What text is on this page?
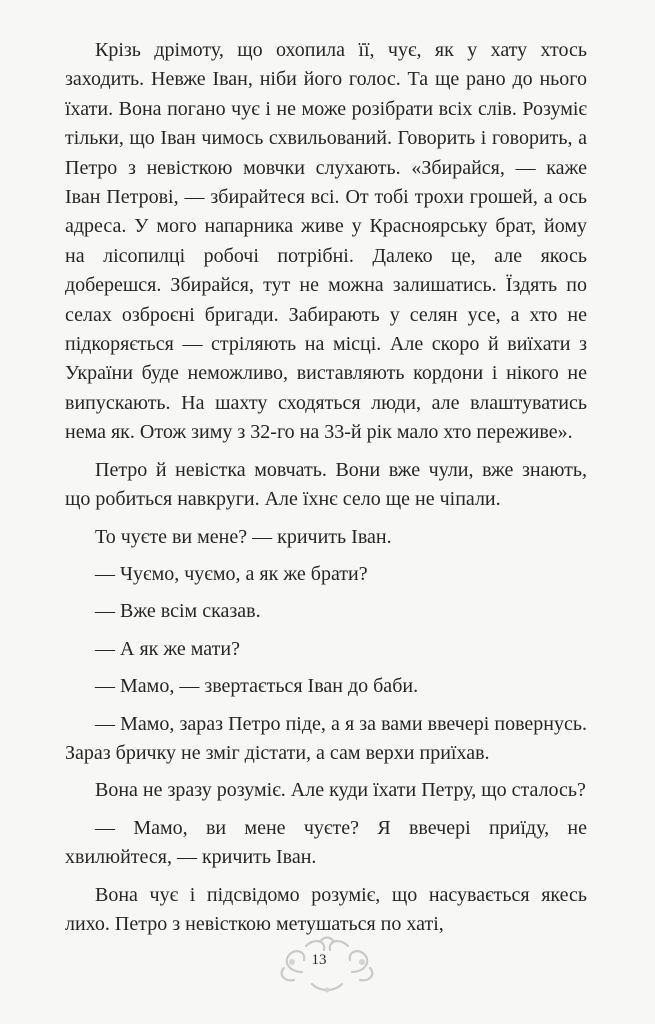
Крізь дрімоту, що охопила її, чує, як у хату хтось заходить. Невже Іван, ніби його голос. Та ще рано до нього їхати. Вона погано чує і не може розібрати всіх слів. Розуміє тільки, що Іван чимось схвильований. Говорить і говорить, а Петро з невісткою мовчки слухають. «Збирайся, — каже Іван Петрові, — збирайтеся всі. От тобі трохи грошей, а ось адреса. У мого напарника живе у Красноярську брат, йому на лісопилці робочі потрібні. Далеко це, але якось доберешся. Збирайся, тут не можна залишатись. Їздять по селах озброєні бригади. Забирають у селян усе, а хто не підкоряється — стріляють на місці. Але скоро й виїхати з України буде неможливо, виставляють кордони і нікого не випускають. На шахту сходяться люди, але влаштуватись нема як. Отож зиму з 32-го на 33-й рік мало хто переживе».

Петро й невістка мовчать. Вони вже чули, вже знають, що робиться навкруги. Але їхнє село ще не чіпали.

То чуєте ви мене? — кричить Іван.

— Чуємо, чуємо, а як же брати?

— Вже всім сказав.

— А як же мати?

— Мамо, — звертається Іван до баби.

— Мамо, зараз Петро піде, а я за вами ввечері повернусь. Зараз бричку не зміг дістати, а сам верхи приїхав.

Вона не зразу розуміє. Але куди їхати Петру, що сталось?

— Мамо, ви мене чуєте? Я ввечері приїду, не хвилюйтеся, — кричить Іван.

Вона чує і підсвідомо розуміє, що насувається якесь лихо. Петро з невісткою метушаться по хаті,

13
